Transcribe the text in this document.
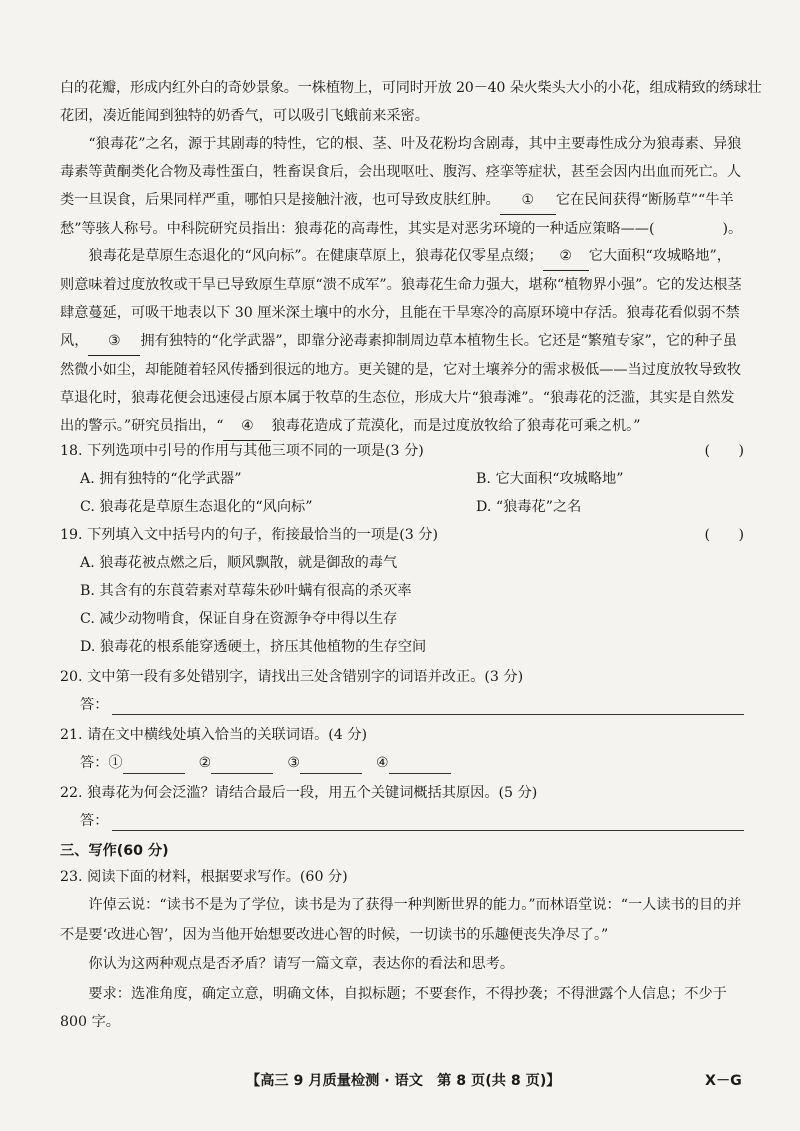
白的花瓣，形成内红外白的奇妙景象。一株植物上，可同时开放 20－40 朵火柴头大小的小花，组成精致的绣球壮
花团，凑近能闻到独特的奶香气，可以吸引飞蛾前来采密。
“狼毒花”之名，源于其剧毒的特性，它的根、茎、叶及花粉均含剧毒，其中主要毒性成分为狼毒素、异狼毒素等黄酮类化合物及毒性蛋白，牲畜误食后，会出现呕吐、腹泻、痉挛等症状，甚至会因内出血而死亡。人类一旦误食，后果同样严重，哪怕只是接触汁液，也可导致皮肤红肿。 ① 它在民间获得“断肠草”“牛羊愁”等骇人称号。中科院研究员指出：狼毒花的高毒性，其实是对恶劣环境的一种适应策略——(	)。
狼毒花是草原生态退化的“风向标”。在健康草原上，狼毒花仅零星点缀； ② 它大面积“攻城略地”，则意味着过度放牧或干旱已导致原生草原“溃不成军”。狼毒花生命力强大，堪称“植物界小强”。它的发达根茎肆意蔓延，可吸干地表以下 30 厘米深土壤中的水分，且能在干旱寒冷的高原环境中存活。狼毒花看似弱不禁风， ③ 拥有独特的“化学武器”，即靠分泌毒素抑制周边草本植物生长。它还是“繁殖专家”，它的种子虽然微小如尘，却能随着轻风传播到很远的地方。更关键的是，它对土壤养分的需求极低——当过度放牧导致牧草退化时，狼毒花便会迅速侵占原本属于牧草的生态位，形成大片“狼毒滩”。“狼毒花的泛滥，其实是自然发出的警示。”研究员指出，“ ④ 狼毒花造成了荒漠化，而是过度放牧给了狼毒花可乘之机。”
18. 下列选项中引号的作用与其他三项不同的一项是(3 分)	(　　)
A. 拥有独特的“化学武器”	B. 它大面积“攻城略地”
C. 狼毒花是草原生态退化的“风向标”	D. “狼毒花”之名
19. 下列填入文中括号内的句子，衔接最恰当的一项是(3 分)	(　　)
A. 狼毒花被点燃之后，顺风飘散，就是御敌的毒气
B. 其含有的东莨菪素对草莓朱砂叶螨有很高的杀灭率
C. 减少动物啃食，保证自身在资源争夺中得以生存
D. 狼毒花的根系能穿透硬土，挤压其他植物的生存空间
20. 文中第一段有多处错别字，请找出三处含错别字的词语并改正。(3 分)
答：
21. 请在文中横线处填入恰当的关联词语。(4 分)
答：①	②	③	④
22. 狼毒花为何会泛滥？请结合最后一段，用五个关键词概括其原因。(5 分)
答：
三、写作(60 分)
23. 阅读下面的材料，根据要求写作。(60 分)
许倬云说：“读书不是为了学位，读书是为了获得一种判断世界的能力。”而林语堂说：“一人读书的目的并不是要‘改进心智’，因为当他开始想要改进心智的时候，一切读书的乐趣便丧失净尽了。”
你认为这两种观点是否矛盾？请写一篇文章，表达你的看法和思考。
要求：选准角度，确定立意，明确文体，自拟标题；不要套作，不得抄袭；不得泄露个人信息；不少于 800 字。
【高三 9 月质量检测 · 语文　第 8 页(共 8 页)】	X－G
